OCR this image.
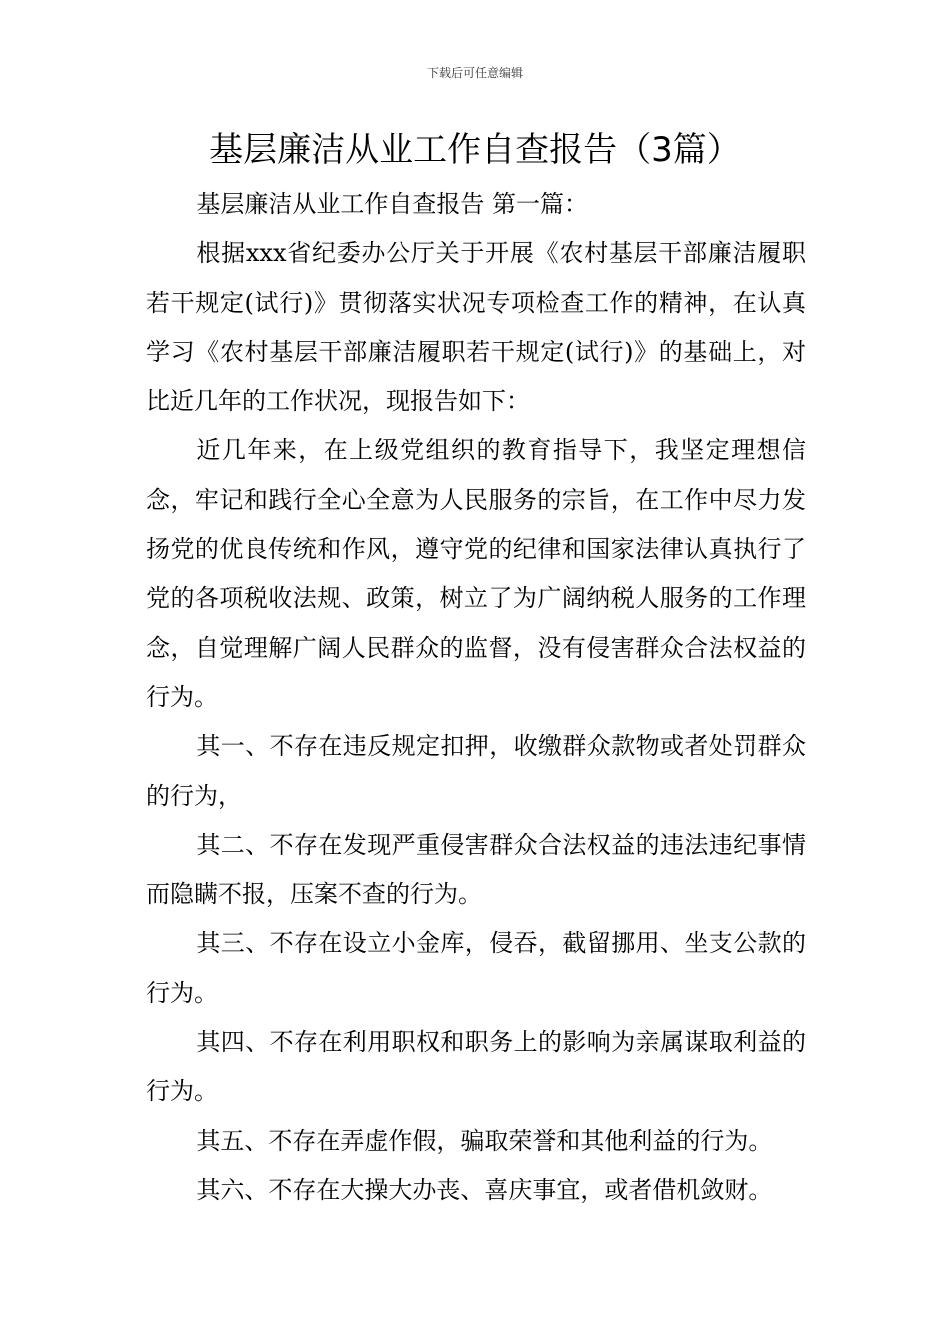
下载后可任意编辑
基层廉洁从业工作自查报告（3篇）

基层廉洁从业工作自查报告 第一篇：

根据xxx省纪委办公厅关于开展《农村基层干部廉洁履职若干规定(试行)》贯彻落实状况专项检查工作的精神，在认真学习《农村基层干部廉洁履职若干规定(试行)》的基础上，对比近几年的工作状况，现报告如下：

近几年来，在上级党组织的教育指导下，我坚定理想信念，牢记和践行全心全意为人民服务的宗旨，在工作中尽力发扬党的优良传统和作风，遵守党的纪律和国家法律认真执行了党的各项税收法规、政策，树立了为广阔纳税人服务的工作理念，自觉理解广阔人民群众的监督，没有侵害群众合法权益的行为。

其一、不存在违反规定扣押，收缴群众款物或者处罚群众的行为，

其二、不存在发现严重侵害群众合法权益的违法违纪事情而隐瞒不报，压案不查的行为。

其三、不存在设立小金库，侵吞，截留挪用、坐支公款的行为。

其四、不存在利用职权和职务上的影响为亲属谋取利益的行为。

其五、不存在弄虚作假，骗取荣誉和其他利益的行为。

其六、不存在大操大办丧、喜庆事宜，或者借机敛财。
